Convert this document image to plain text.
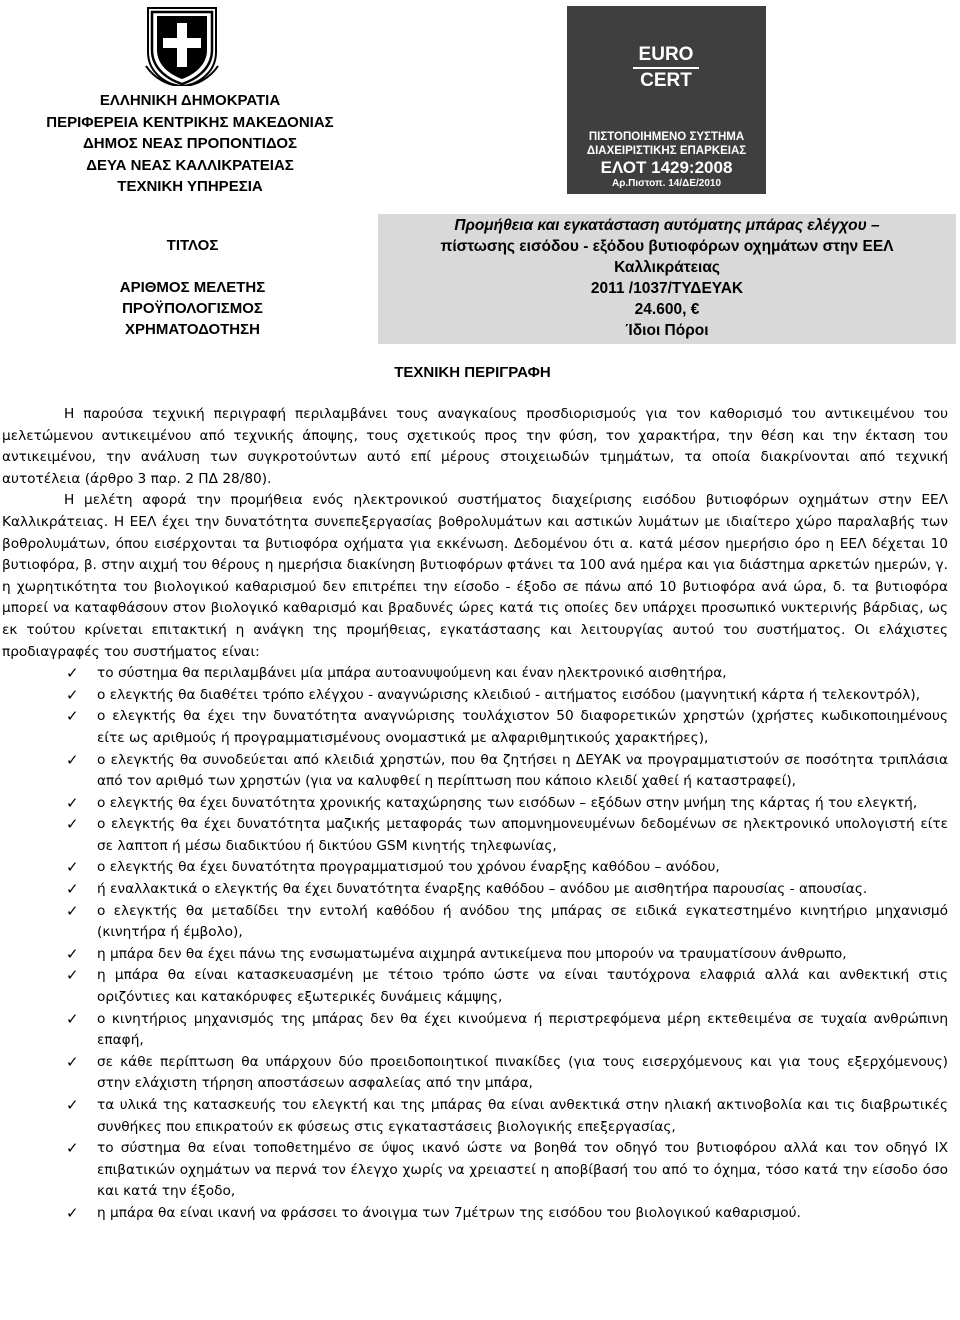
ΕΛΛΗΝΙΚΗ ΔΗΜΟΚΡΑΤΙΑ
ΠΕΡΙΦΕΡΕΙΑ ΚΕΝΤΡΙΚΗΣ ΜΑΚΕΔΟΝΙΑΣ
ΔΗΜΟΣ ΝΕΑΣ ΠΡΟΠΟΝΤΙΔΟΣ
ΔΕΥΑ ΝΕΑΣ ΚΑΛΛΙΚΡΑΤΕΙΑΣ
ΤΕΧΝΙΚΗ ΥΠΗΡΕΣΙΑ
EURO
CERT
ΠΙΣΤΟΠΟΙΗΜΕΝΟ ΣΥΣΤΗΜΑ
ΔΙΑΧΕΙΡΙΣΤΙΚΗΣ ΕΠΑΡΚΕΙΑΣ
ΕΛΟΤ 1429:2008
Αρ.Πιστοπ. 14/ΔΕ/2010
ΤΙΤΛΟΣ
ΑΡΙΘΜΟΣ ΜΕΛΕΤΗΣ
ΠΡΟΫΠΟΛΟΓΙΣΜΟΣ
ΧΡΗΜΑΤΟΔΟΤΗΣΗ
Προμήθεια και εγκατάσταση αυτόματης μπάρας ελέγχου –
πίστωσης εισόδου - εξόδου βυτιοφόρων οχημάτων στην ΕΕΛ
Καλλικράτειας
2011 /1037/ΤΥΔΕΥΑΚ
24.600, €
Ίδιοι Πόροι
ΤΕΧΝΙΚΗ ΠΕΡΙΓΡΑΦΗ

Η παρούσα τεχνική περιγραφή περιλαμβάνει τους αναγκαίους προσδιορισμούς για τον καθορισμό του αντικειμένου του μελετώμενου αντικειμένου από τεχνικής άποψης, τους σχετικούς προς την φύση, τον χαρακτήρα, την θέση και την έκταση του αντικειμένου, την ανάλυση των συγκροτούντων αυτό επί μέρους στοιχειωδών τμημάτων, τα οποία διακρίνονται από τεχνική αυτοτέλεια (άρθρο 3 παρ. 2 ΠΔ 28/80).

Η μελέτη αφορά την προμήθεια ενός ηλεκτρονικού συστήματος διαχείρισης εισόδου βυτιοφόρων οχημάτων στην ΕΕΛ Καλλικράτειας. Η ΕΕΛ έχει την δυνατότητα συνεπεξεργασίας βοθρολυμάτων και αστικών λυμάτων με ιδιαίτερο χώρο παραλαβής των βοθρολυμάτων, όπου εισέρχονται τα βυτιοφόρα οχήματα για εκκένωση. Δεδομένου ότι α. κατά μέσον ημερήσιο όρο η ΕΕΛ δέχεται 10 βυτιοφόρα, β. στην αιχμή του θέρους η ημερήσια διακίνηση βυτιοφόρων φτάνει τα 100 ανά ημέρα και για διάστημα αρκετών ημερών, γ. η χωρητικότητα του βιολογικού καθαρισμού δεν επιτρέπει την είσοδο - έξοδο σε πάνω από 10 βυτιοφόρα ανά ώρα, δ. τα βυτιοφόρα μπορεί να καταφθάσουν στον βιολογικό καθαρισμό και βραδυνές ώρες κατά τις οποίες δεν υπάρχει προσωπικό νυκτερινής βάρδιας, ως εκ τούτου κρίνεται επιτακτική η ανάγκη της προμήθειας, εγκατάστασης και λειτουργίας αυτού του συστήματος. Οι ελάχιστες προδιαγραφές του συστήματος είναι:

✓ το σύστημα θα περιλαμβάνει μία μπάρα αυτοανυψούμενη και έναν ηλεκτρονικό αισθητήρα,
✓ ο ελεγκτής θα διαθέτει τρόπο ελέγχου - αναγνώρισης κλειδιού - αιτήματος εισόδου (μαγνητική κάρτα ή τελεκοντρόλ),
✓ ο ελεγκτής θα έχει την δυνατότητα αναγνώρισης τουλάχιστον 50 διαφορετικών χρηστών (χρήστες κωδικοποιημένους είτε ως αριθμούς ή προγραμματισμένους ονομαστικά με αλφαριθμητικούς χαρακτήρες),
✓ ο ελεγκτής θα συνοδεύεται από κλειδιά χρηστών, που θα ζητήσει η ΔΕΥΑΚ να προγραμματιστούν σε ποσότητα τριπλάσια από τον αριθμό των χρηστών (για να καλυφθεί η περίπτωση που κάποιο κλειδί χαθεί ή καταστραφεί),
✓ ο ελεγκτής θα έχει δυνατότητα χρονικής καταχώρησης των εισόδων – εξόδων στην μνήμη της κάρτας ή του ελεγκτή,
✓ ο ελεγκτής θα έχει δυνατότητα μαζικής μεταφοράς των απομνημονευμένων δεδομένων σε ηλεκτρονικό υπολογιστή είτε σε λαπτοπ ή μέσω διαδικτύου ή δικτύου GSM κινητής τηλεφωνίας,
✓ ο ελεγκτής θα έχει δυνατότητα προγραμματισμού του χρόνου έναρξης καθόδου – ανόδου,
✓ ή εναλλακτικά ο ελεγκτής θα έχει δυνατότητα έναρξης καθόδου – ανόδου με αισθητήρα παρουσίας - απουσίας.
✓ ο ελεγκτής θα μεταδίδει την εντολή καθόδου ή ανόδου της μπάρας σε ειδικά εγκατεστημένο κινητήριο μηχανισμό (κινητήρα ή έμβολο),
✓ η μπάρα δεν θα έχει πάνω της ενσωματωμένα αιχμηρά αντικείμενα που μπορούν να τραυματίσουν άνθρωπο,
✓ η μπάρα θα είναι κατασκευασμένη με τέτοιο τρόπο ώστε να είναι ταυτόχρονα ελαφριά αλλά και ανθεκτική στις οριζόντιες και κατακόρυφες εξωτερικές δυνάμεις κάμψης,
✓ ο κινητήριος μηχανισμός της μπάρας δεν θα έχει κινούμενα ή περιστρεφόμενα μέρη εκτεθειμένα σε τυχαία ανθρώπινη επαφή,
✓ σε κάθε περίπτωση θα υπάρχουν δύο προειδοποιητικοί πινακίδες (για τους εισερχόμενους και για τους εξερχόμενους) στην ελάχιστη τήρηση αποστάσεων ασφαλείας από την μπάρα,
✓ τα υλικά της κατασκευής του ελεγκτή και της μπάρας θα είναι ανθεκτικά στην ηλιακή ακτινοβολία και τις διαβρωτικές συνθήκες που επικρατούν εκ φύσεως στις εγκαταστάσεις βιολογικής επεξεργασίας,
✓ το σύστημα θα είναι τοποθετημένο σε ύψος ικανό ώστε να βοηθά τον οδηγό του βυτιοφόρου αλλά και τον οδηγό ΙΧ επιβατικών οχημάτων να περνά τον έλεγχο χωρίς να χρειαστεί η αποβίβασή του από το όχημα, τόσο κατά την είσοδο όσο και κατά την έξοδο,
✓ η μπάρα θα είναι ικανή να φράσσει το άνοιγμα των 7μέτρων της εισόδου του βιολογικού καθαρισμού.
